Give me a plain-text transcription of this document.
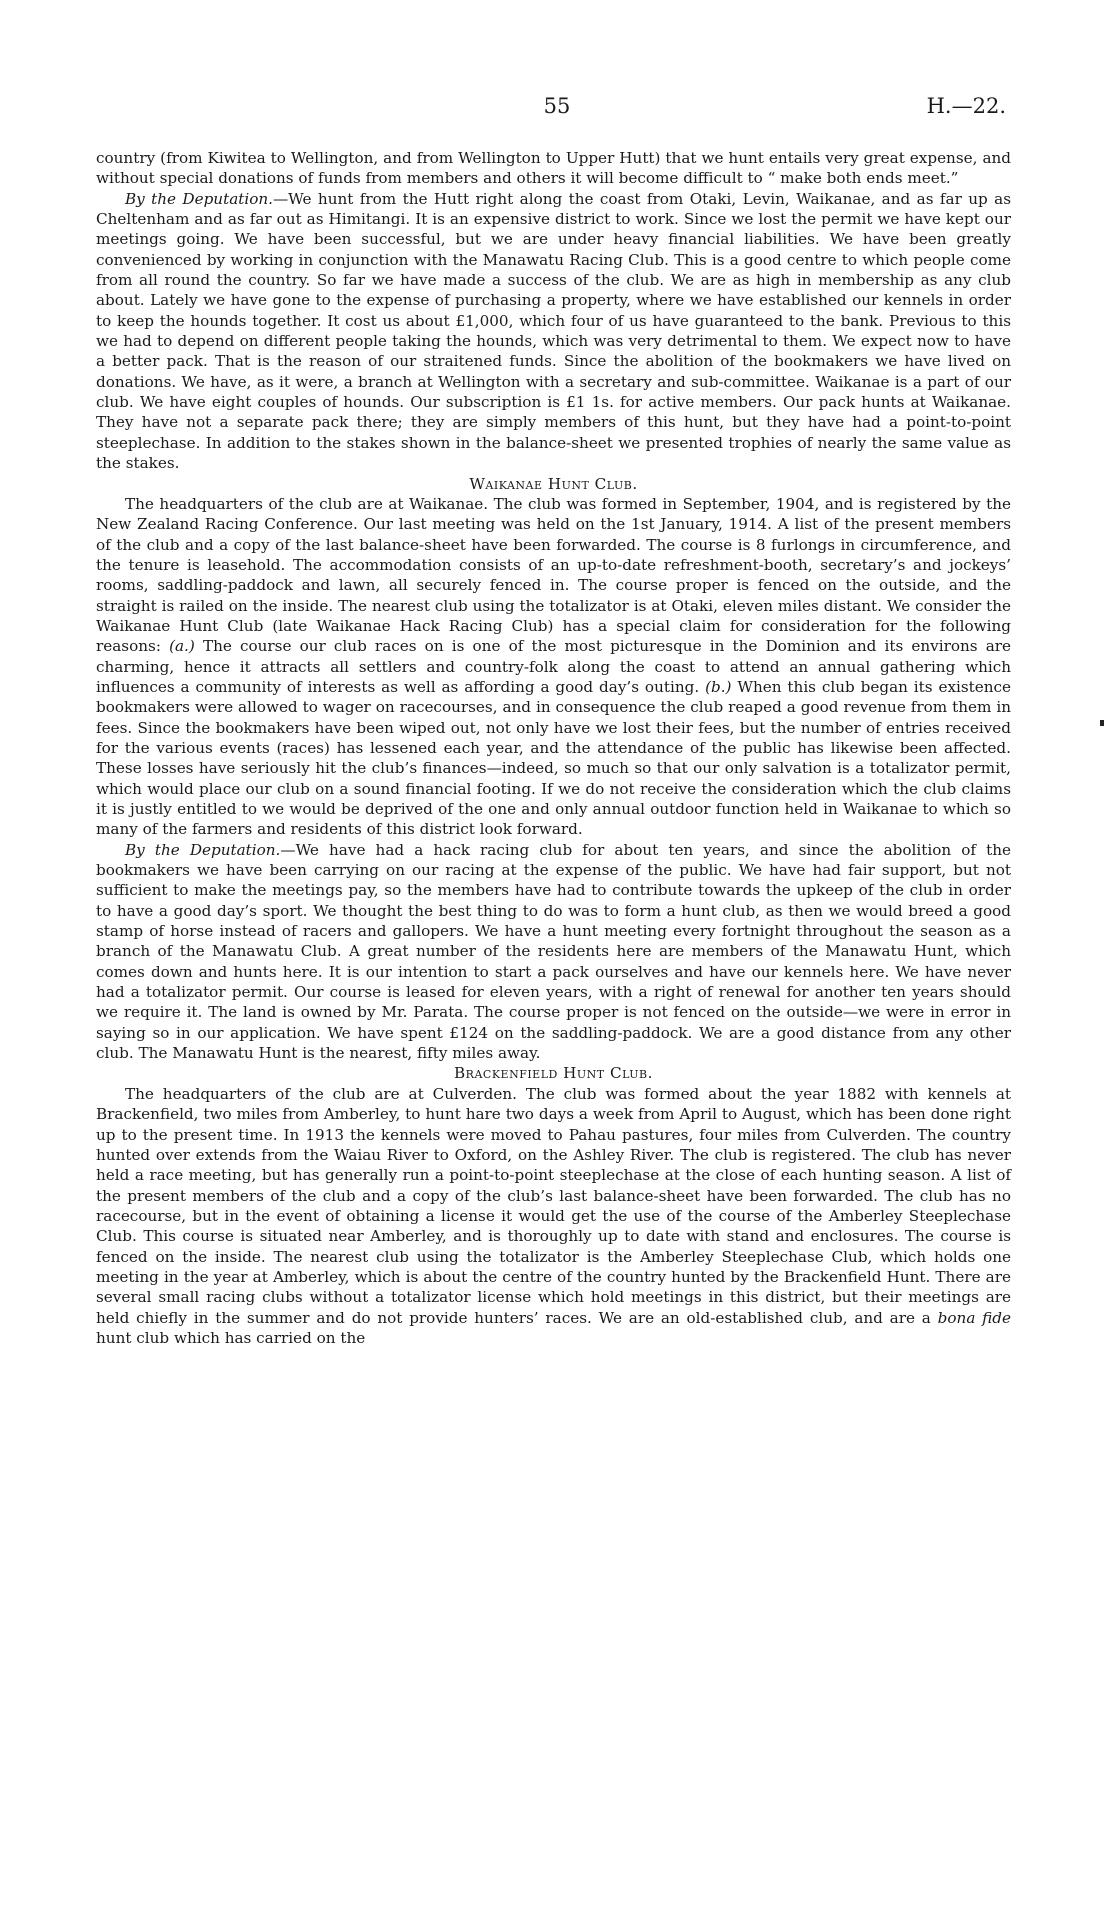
55	H.—22.

country (from Kiwitea to Wellington, and from Wellington to Upper Hutt) that we hunt entails very great expense, and without special donations of funds from members and others it will become difficult to “ make both ends meet.”

By the Deputation.—We hunt from the Hutt right along the coast from Otaki, Levin, Waikanae, and as far up as Cheltenham and as far out as Himitangi. It is an expensive district to work. Since we lost the permit we have kept our meetings going. We have been successful, but we are under heavy financial liabilities. We have been greatly convenienced by working in conjunction with the Manawatu Racing Club. This is a good centre to which people come from all round the country. So far we have made a success of the club. We are as high in membership as any club about. Lately we have gone to the expense of purchasing a property, where we have established our kennels in order to keep the hounds together. It cost us about £1,000, which four of us have guaranteed to the bank. Previous to this we had to depend on different people taking the hounds, which was very detrimental to them. We expect now to have a better pack. That is the reason of our straitened funds. Since the abolition of the bookmakers we have lived on donations. We have, as it were, a branch at Wellington with a secretary and sub-committee. Waikanae is a part of our club. We have eight couples of hounds. Our subscription is £1 1s. for active members. Our pack hunts at Waikanae. They have not a separate pack there; they are simply members of this hunt, but they have had a point-to-point steeplechase. In addition to the stakes shown in the balance-sheet we presented trophies of nearly the same value as the stakes.

Waikanae Hunt Club.

The headquarters of the club are at Waikanae. The club was formed in September, 1904, and is registered by the New Zealand Racing Conference. Our last meeting was held on the 1st January, 1914. A list of the present members of the club and a copy of the last balance-sheet have been forwarded. The course is 8 furlongs in circumference, and the tenure is leasehold. The accommodation consists of an up-to-date refreshment-booth, secretary’s and jockeys’ rooms, saddling-paddock and lawn, all securely fenced in. The course proper is fenced on the outside, and the straight is railed on the inside. The nearest club using the totalizator is at Otaki, eleven miles distant. We consider the Waikanae Hunt Club (late Waikanae Hack Racing Club) has a special claim for consideration for the following reasons: (a.) The course our club races on is one of the most picturesque in the Dominion and its environs are charming, hence it attracts all settlers and country-folk along the coast to attend an annual gathering which influences a community of interests as well as affording a good day’s outing. (b.) When this club began its existence bookmakers were allowed to wager on racecourses, and in consequence the club reaped a good revenue from them in fees. Since the bookmakers have been wiped out, not only have we lost their fees, but the number of entries received for the various events (races) has lessened each year, and the attendance of the public has likewise been affected. These losses have seriously hit the club’s finances—indeed, so much so that our only salvation is a totalizator permit, which would place our club on a sound financial footing. If we do not receive the consideration which the club claims it is justly entitled to we would be deprived of the one and only annual outdoor function held in Waikanae to which so many of the farmers and residents of this district look forward.

By the Deputation.—We have had a hack racing club for about ten years, and since the abolition of the bookmakers we have been carrying on our racing at the expense of the public. We have had fair support, but not sufficient to make the meetings pay, so the members have had to contribute towards the upkeep of the club in order to have a good day’s sport. We thought the best thing to do was to form a hunt club, as then we would breed a good stamp of horse instead of racers and gallopers. We have a hunt meeting every fortnight throughout the season as a branch of the Manawatu Club. A great number of the residents here are members of the Manawatu Hunt, which comes down and hunts here. It is our intention to start a pack ourselves and have our kennels here. We have never had a totalizator permit. Our course is leased for eleven years, with a right of renewal for another ten years should we require it. The land is owned by Mr. Parata. The course proper is not fenced on the outside—we were in error in saying so in our application. We have spent £124 on the saddling-paddock. We are a good distance from any other club. The Manawatu Hunt is the nearest, fifty miles away.

Brackenfield Hunt Club.

The headquarters of the club are at Culverden. The club was formed about the year 1882 with kennels at Brackenfield, two miles from Amberley, to hunt hare two days a week from April to August, which has been done right up to the present time. In 1913 the kennels were moved to Pahau pastures, four miles from Culverden. The country hunted over extends from the Waiau River to Oxford, on the Ashley River. The club is registered. The club has never held a race meeting, but has generally run a point-to-point steeplechase at the close of each hunting season. A list of the present members of the club and a copy of the club’s last balance-sheet have been forwarded. The club has no racecourse, but in the event of obtaining a license it would get the use of the course of the Amberley Steeplechase Club. This course is situated near Amberley, and is thoroughly up to date with stand and enclosures. The course is fenced on the inside. The nearest club using the totalizator is the Amberley Steeplechase Club, which holds one meeting in the year at Amberley, which is about the centre of the country hunted by the Brackenfield Hunt. There are several small racing clubs without a totalizator license which hold meetings in this district, but their meetings are held chiefly in the summer and do not provide hunters’ races. We are an old-established club, and are a bona fide hunt club which has carried on the
